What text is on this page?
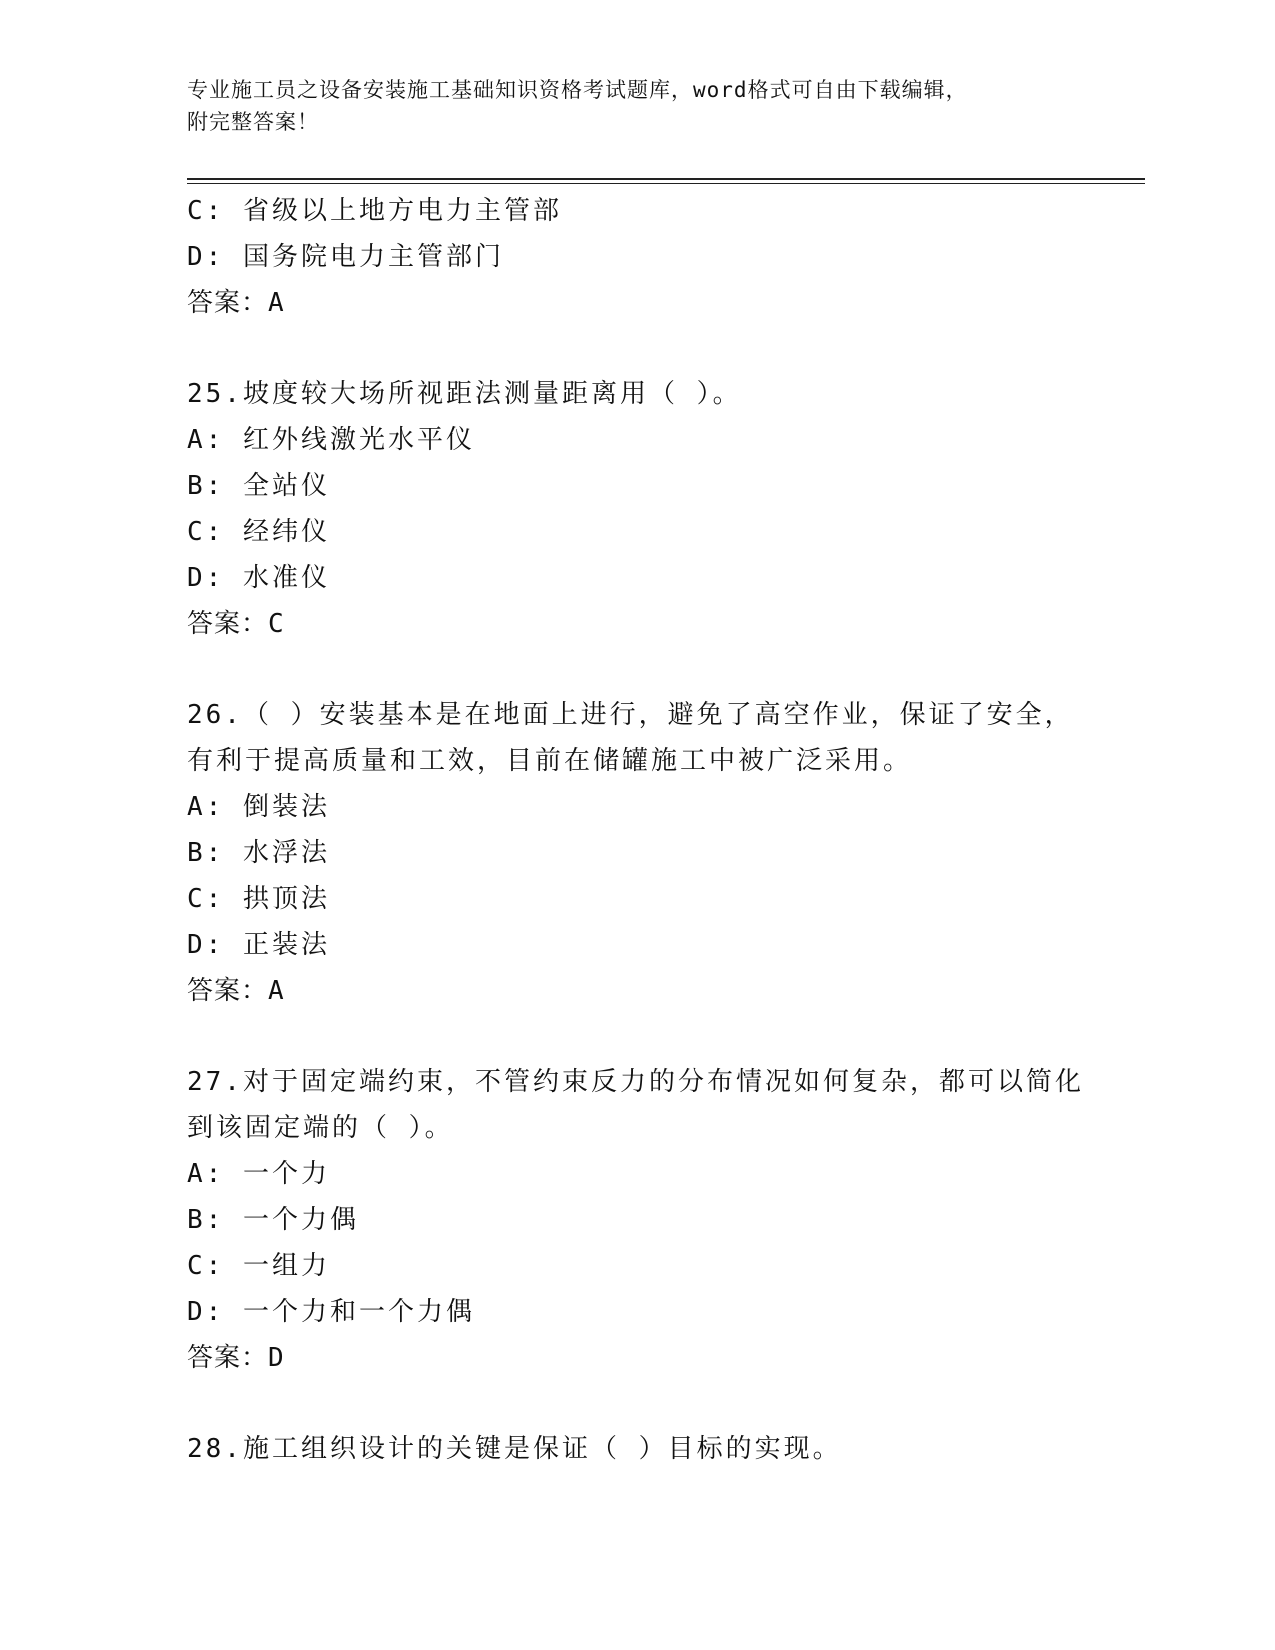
专业施工员之设备安装施工基础知识资格考试题库，word格式可自由下载编辑，
附完整答案！
C: 省级以上地方电力主管部
D: 国务院电力主管部门
答案：A
25.坡度较大场所视距法测量距离用（ ）。
A: 红外线激光水平仪
B: 全站仪
C: 经纬仪
D: 水准仪
答案：C
26.（ ）安装基本是在地面上进行，避免了高空作业，保证了安全，
有利于提高质量和工效，目前在储罐施工中被广泛采用。
A: 倒装法
B: 水浮法
C: 拱顶法
D: 正装法
答案：A
27.对于固定端约束，不管约束反力的分布情况如何复杂，都可以简化
到该固定端的（ ）。
A: 一个力
B: 一个力偶
C: 一组力
D: 一个力和一个力偶
答案：D
28.施工组织设计的关键是保证（ ）目标的实现。
